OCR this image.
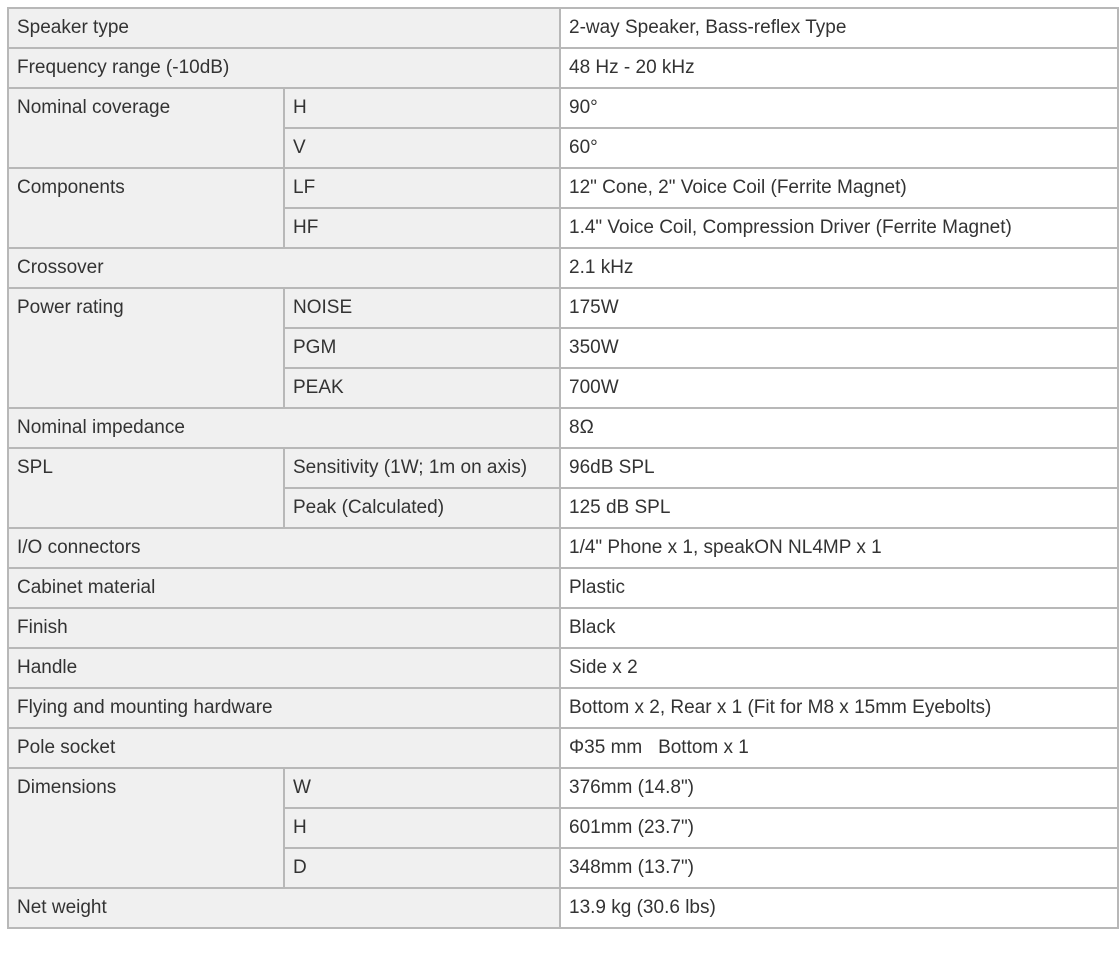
Speaker type		2-way Speaker, Bass-reflex Type
Frequency range (-10dB)		48 Hz - 20 kHz
Nominal coverage	H	90°
	V	60°
Components	LF	12" Cone, 2" Voice Coil (Ferrite Magnet)
	HF	1.4" Voice Coil, Compression Driver (Ferrite Magnet)
Crossover		2.1 kHz
Power rating	NOISE	175W
	PGM	350W
	PEAK	700W
Nominal impedance		8Ω
SPL	Sensitivity (1W; 1m on axis)	96dB SPL
	Peak (Calculated)	125 dB SPL
I/O connectors		1/4" Phone x 1, speakON NL4MP x 1
Cabinet material		Plastic
Finish		Black
Handle		Side x 2
Flying and mounting hardware		Bottom x 2, Rear x 1 (Fit for M8 x 15mm Eyebolts)
Pole socket		Φ35 mm   Bottom x 1
Dimensions	W	376mm (14.8")
	H	601mm (23.7")
	D	348mm (13.7")
Net weight		13.9 kg (30.6 lbs)
